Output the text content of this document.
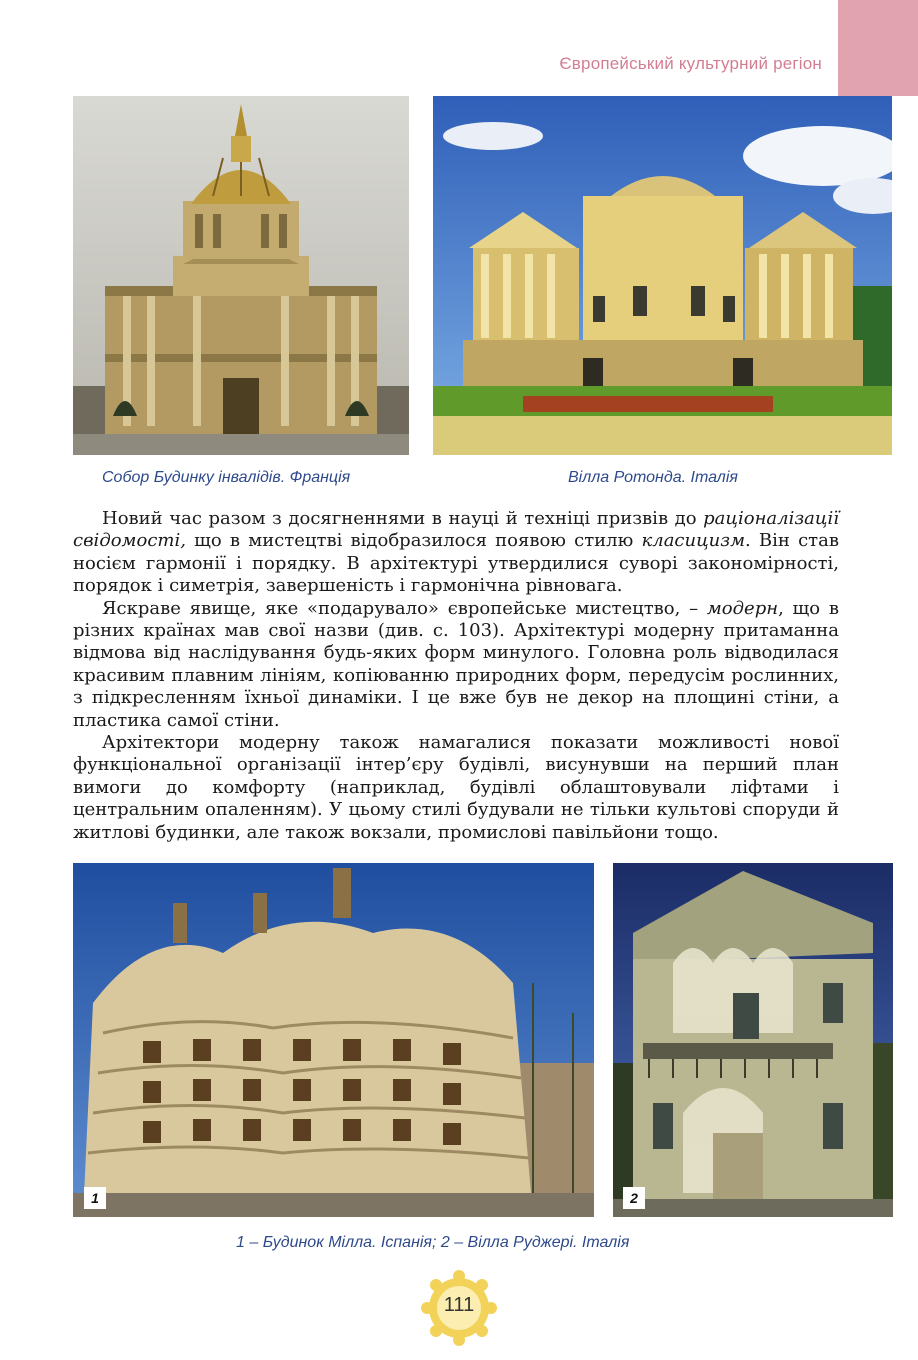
Європейський культурний регіон
Собор Будинку інвалідів. Франція	Вілла Ротонда. Італія

Новий час разом з досягненнями в науці й техніці призвів до раціоналізації свідомості, що в мистецтві відобразилося появою стилю класицизм. Він став носієм гармонії і порядку. В архітектурі утвердилися суворі закономірності, порядок і симетрія, завершеність і гармонічна рівновага.

Яскраве явище, яке «подарувало» європейське мистецтво, – модерн, що в різних країнах мав свої назви (див. с. 103). Архітектурі модерну притаманна відмова від наслідування будь-яких форм минулого. Головна роль відводилася красивим плавним лініям, копіюванню природних форм, передусім рослинних, з підкресленням їхньої динаміки. І це вже був не декор на площині стіни, а пластика самої стіни.

Архітектори модерну також намагалися показати можливості нової функціональної організації інтер’єру будівлі, висунувши на перший план вимоги до комфорту (наприклад, будівлі облаштовували ліфтами і центральним опаленням). У цьому стилі будували не тільки культові споруди й житлові будинки, але також вокзали, промислові павільйони тощо.

1	2
1 – Будинок Мілла. Іспанія; 2 – Вілла Руджері. Італія
111
